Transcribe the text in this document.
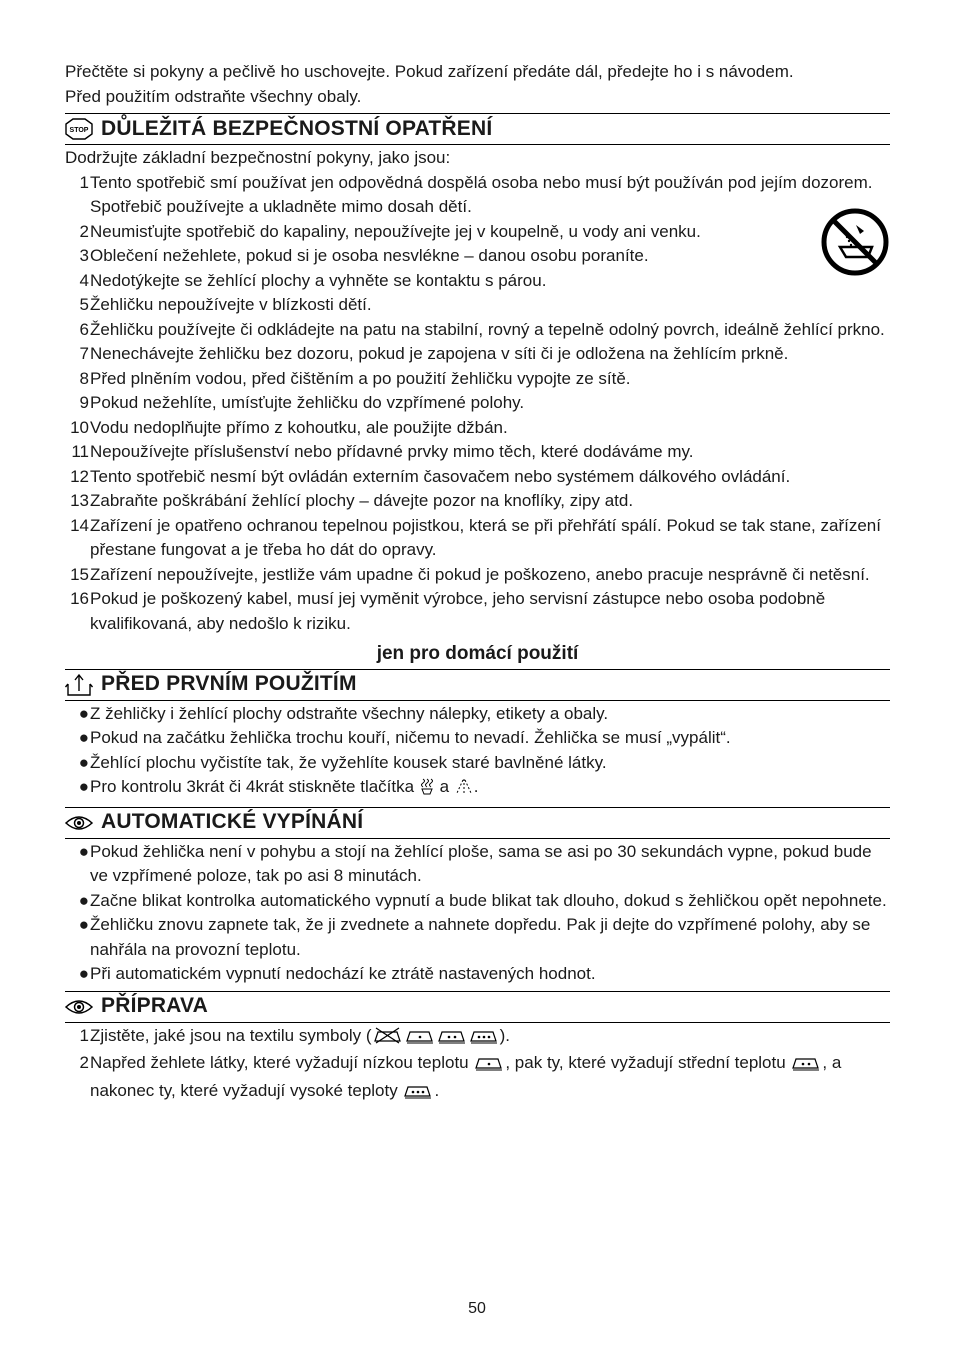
Přečtěte si pokyny a pečlivě ho uschovejte. Pokud zařízení předáte dál, předejte ho i s návodem.

Před použitím odstraňte všechny obaly.

STOP DŮLEŽITÁ BEZPEČNOSTNÍ OPATŘENÍ

Dodržujte základní bezpečnostní pokyny, jako jsou:

1 Tento spotřebič smí používat jen odpovědná dospělá osoba nebo musí být používán pod jejím dozorem. Spotřebič používejte a ukladněte mimo dosah dětí.
2 Neumisťujte spotřebič do kapaliny, nepoužívejte jej v koupelně, u vody ani venku.
3 Oblečení nežehlete, pokud si je osoba nesvlékne – danou osobu poraníte.
4 Nedotýkejte se žehlící plochy a vyhněte se kontaktu s párou.
5 Žehličku nepoužívejte v blízkosti dětí.
6 Žehličku používejte či odkládejte na patu na stabilní, rovný a tepelně odolný povrch, ideálně žehlící prkno.
7 Nenechávejte žehličku bez dozoru, pokud je zapojena v síti či je odložena na žehlícím prkně.
8 Před plněním vodou, před čištěním a po použití žehličku vypojte ze sítě.
9 Pokud nežehlíte, umísťujte žehličku do vzpřímené polohy.
10 Vodu nedoplňujte přímo z kohoutku, ale použijte džbán.
11 Nepoužívejte příslušenství nebo přídavné prvky mimo těch, které dodáváme my.
12 Tento spotřebič nesmí být ovládán externím časovačem nebo systémem dálkového ovládání.
13 Zabraňte poškrábání žehlící plochy – dávejte pozor na knoflíky, zipy atd.
14 Zařízení je opatřeno ochranou tepelnou pojistkou, která se při přehřátí spálí. Pokud se tak stane, zařízení přestane fungovat a je třeba ho dát do opravy.
15 Zařízení nepoužívejte, jestliže vám upadne či pokud je poškozeno, anebo pracuje nesprávně či netěsní.
16 Pokud je poškozený kabel, musí jej vyměnit výrobce, jeho servisní zástupce nebo osoba podobně kvalifikovaná, aby nedošlo k riziku.

jen pro domácí použití

PŘED PRVNÍM POUŽITÍM
● Z žehličky i žehlící plochy odstraňte všechny nálepky, etikety a obaly.
● Pokud na začátku žehlička trochu kouří, ničemu to nevadí. Žehlička se musí „vypálit“.
● Žehlící plochu vyčistíte tak, že vyžehlíte kousek staré bavlněné látky.
● Pro kontrolu 3krát či 4krát stiskněte tlačítka a .
AUTOMATICKÉ VYPÍNÁNÍ
● Pokud žehlička není v pohybu a stojí na žehlící ploše, sama se asi po 30 sekundách vypne, pokud bude ve vzpřímené poloze, tak po asi 8 minutách.
● Začne blikat kontrolka automatického vypnutí a bude blikat tak dlouho, dokud s žehličkou opět nepohnete.
● Žehličku znovu zapnete tak, že ji zvednete a nahnete dopředu. Pak ji dejte do vzpřímené polohy, aby se nahřála na provozní teplotu.
● Při automatickém vypnutí nedochází ke ztrátě nastavených hodnot.
PŘÍPRAVA
1 Zjistěte, jaké jsou na textilu symboly (	).
2 Napřed žehlete látky, které vyžadují nízkou teplotu , pak ty, které vyžadují střední teplotu , a nakonec ty, které vyžadují vysoké teploty .
50
